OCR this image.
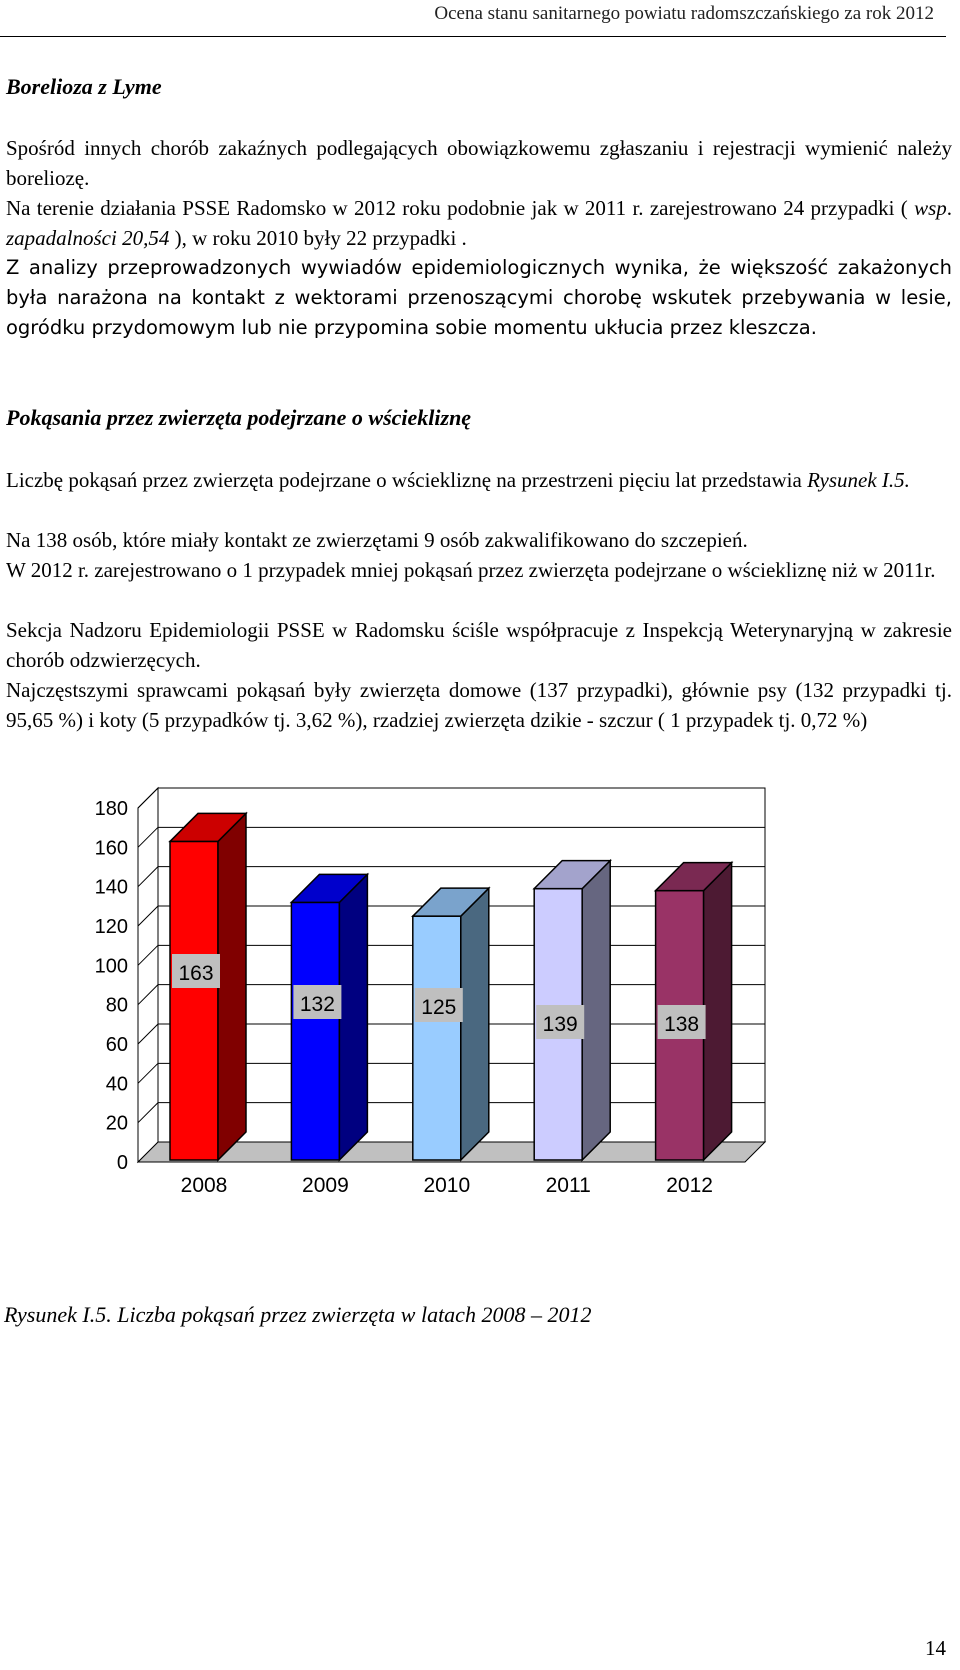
Ocena stanu sanitarnego powiatu radomszczańskiego za rok 2012
Borelioza z Lyme

Spośród innych chorób zakaźnych podlegających obowiązkowemu zgłaszaniu i rejestracji wymienić należy boreliozę.

Na terenie działania PSSE Radomsko w 2012 roku podobnie jak w 2011 r. zarejestrowano 24 przypadki ( wsp. zapadalności 20,54 ), w roku 2010 były 22 przypadki .

Z analizy przeprowadzonych wywiadów epidemiologicznych wynika, że większość zakażonych była narażona na kontakt z wektorami przenoszącymi chorobę wskutek przebywania w lesie, ogródku przydomowym lub nie przypomina sobie momentu ukłucia przez kleszcza.

Pokąsania przez zwierzęta podejrzane o wściekliznę

Liczbę pokąsań przez zwierzęta podejrzane o wściekliznę na przestrzeni pięciu lat przedstawia Rysunek I.5.

Na 138 osób, które miały kontakt ze zwierzętami 9 osób zakwalifikowano do szczepień.

W 2012 r. zarejestrowano o 1 przypadek mniej pokąsań przez zwierzęta podejrzane o wściekliznę niż w 2011r.

Sekcja Nadzoru Epidemiologii PSSE w Radomsku ściśle współpracuje z Inspekcją Weterynaryjną w zakresie chorób odzwierzęcych.

Najczęstszymi sprawcami pokąsań były zwierzęta domowe (137 przypadki), głównie psy (132 przypadki tj. 95,65 %) i koty (5 przypadków tj. 3,62 %), rzadziej zwierzęta dzikie - szczur ( 1 przypadek tj. 0,72 %)

0
20
40
60
80
100
120
140
160
180
163
2008
132
2009
125
2010
139
2011
138
2012

Rysunek I.5. Liczba pokąsań przez zwierzęta w latach 2008 – 2012

14
